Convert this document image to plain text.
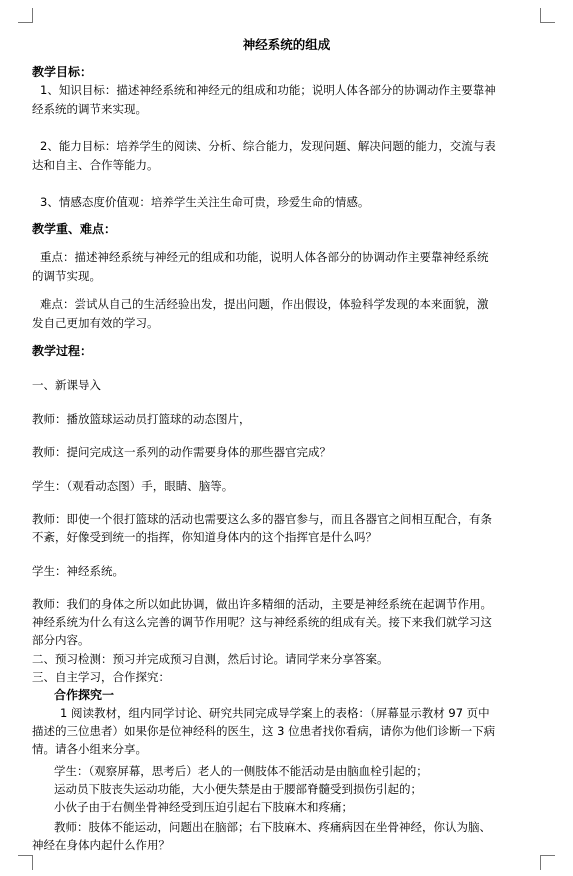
神经系统的组成
教学目标：
1、知识目标：描述神经系统和神经元的组成和功能；说明人体各部分的协调动作主要靠神
经系统的调节来实现。
2、能力目标：培养学生的阅读、分析、综合能力，发现问题、解决问题的能力，交流与表
达和自主、合作等能力。
3、情感态度价值观：培养学生关注生命可贵，珍爱生命的情感。
教学重、难点：
重点：描述神经系统与神经元的组成和功能，说明人体各部分的协调动作主要靠神经系统
的调节实现。
难点：尝试从自己的生活经验出发，提出问题，作出假设，体验科学发现的本来面貌，激
发自己更加有效的学习。
教学过程：
一、新课导入
教师：播放篮球运动员打篮球的动态图片，
教师：提问完成这一系列的动作需要身体的那些器官完成？
学生：（观看动态图）手，眼睛、脑等。
教师：即使一个很打篮球的活动也需要这么多的器官参与，而且各器官之间相互配合，有条
不紊，好像受到统一的指挥，你知道身体内的这个指挥官是什么吗？
学生：神经系统。
教师：我们的身体之所以如此协调，做出许多精细的活动，主要是神经系统在起调节作用。
神经系统为什么有这么完善的调节作用呢？这与神经系统的组成有关。接下来我们就学习这
部分内容。
二、预习检测：预习并完成预习自测，然后讨论。请同学来分享答案。
三、自主学习，合作探究：
合作探究一
1 阅读教材，组内同学讨论、研究共同完成导学案上的表格：（屏幕显示教材 97 页中
描述的三位患者）如果你是位神经科的医生，这 3 位患者找你看病，请你为他们诊断一下病
情。请各小组来分享。
学生：（观察屏幕，思考后）老人的一侧肢体不能活动是由脑血栓引起的；
运动员下肢丧失运动功能，大小便失禁是由于腰部脊髓受到损伤引起的；
小伙子由于右侧坐骨神经受到压迫引起右下肢麻木和疼痛；
教师：肢体不能运动，问题出在脑部；右下肢麻木、疼痛病因在坐骨神经，你认为脑、
神经在身体内起什么作用？
